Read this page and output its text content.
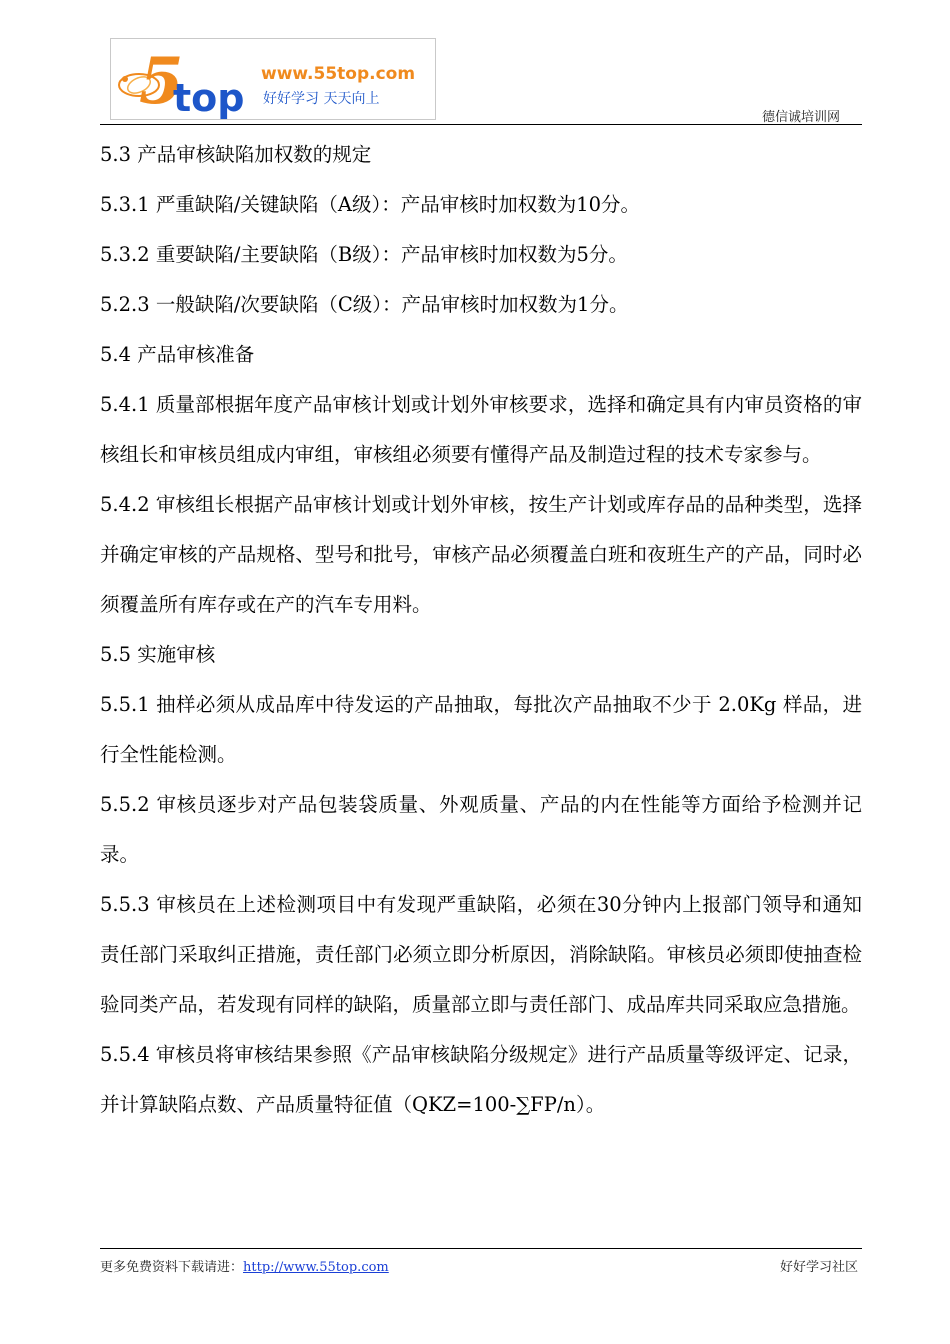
5
top
www.55top.com
好好学习 天天向上
德信诚培训网

5.3 产品审核缺陷加权数的规定

5.3.1 严重缺陷/关键缺陷（A级）：产品审核时加权数为10分。

5.3.2 重要缺陷/主要缺陷（B级）：产品审核时加权数为5分。

5.2.3 一般缺陷/次要缺陷（C级）：产品审核时加权数为1分。

5.4 产品审核准备

5.4.1 质量部根据年度产品审核计划或计划外审核要求，选择和确定具有内审员资格的审核组长和审核员组成内审组，审核组必须要有懂得产品及制造过程的技术专家参与。

5.4.2 审核组长根据产品审核计划或计划外审核，按生产计划或库存品的品种类型，选择并确定审核的产品规格、型号和批号，审核产品必须覆盖白班和夜班生产的产品，同时必须覆盖所有库存或在产的汽车专用料。

5.5 实施审核

5.5.1 抽样必须从成品库中待发运的产品抽取，每批次产品抽取不少于 2.0Kg 样品，进行全性能检测。

5.5.2 审核员逐步对产品包装袋质量、外观质量、产品的内在性能等方面给予检测并记录。

5.5.3 审核员在上述检测项目中有发现严重缺陷，必须在30分钟内上报部门领导和通知责任部门采取纠正措施，责任部门必须立即分析原因，消除缺陷。审核员必须即使抽查检验同类产品，若发现有同样的缺陷，质量部立即与责任部门、成品库共同采取应急措施。

5.5.4 审核员将审核结果参照《产品审核缺陷分级规定》进行产品质量等级评定、记录，并计算缺陷点数、产品质量特征值（QKZ=100-∑FP/n）。

更多免费资料下载请进：http://www.55top.com	好好学习社区
